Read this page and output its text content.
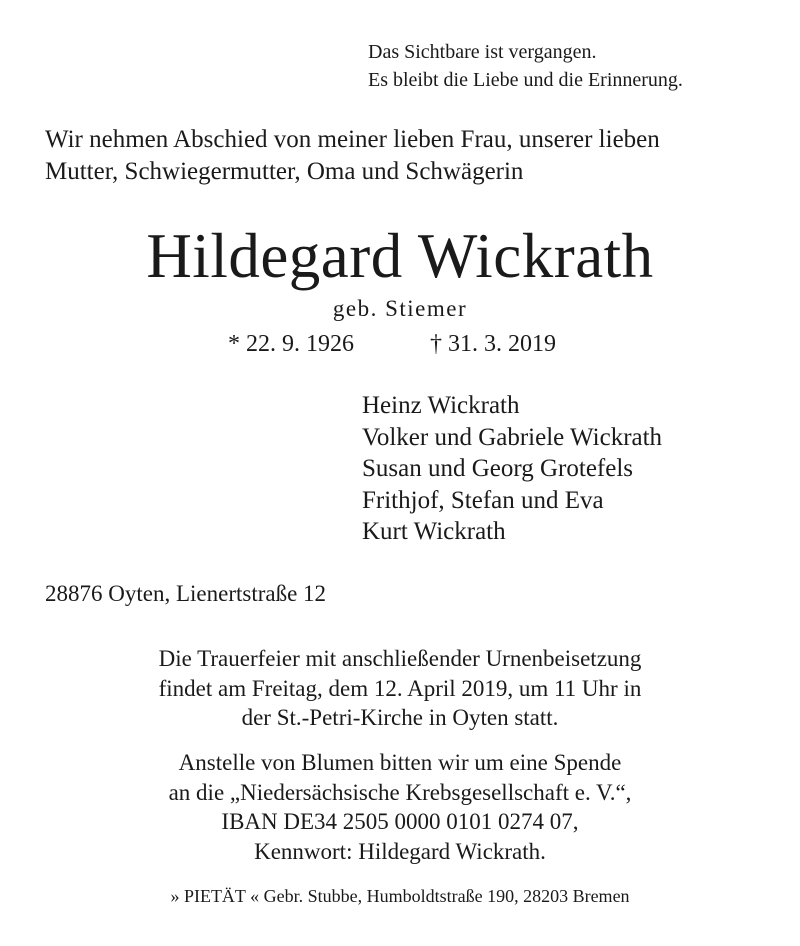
Das Sichtbare ist vergangen.
Es bleibt die Liebe und die Erinnerung.
Wir nehmen Abschied von meiner lieben Frau, unserer lieben
Mutter, Schwiegermutter, Oma und Schwägerin
Hildegard Wickrath
geb. Stiemer
* 22. 9. 1926	† 31. 3. 2019
Heinz Wickrath
Volker und Gabriele Wickrath
Susan und Georg Grotefels
Frithjof, Stefan und Eva
Kurt Wickrath
28876 Oyten, Lienertstraße 12
Die Trauerfeier mit anschließender Urnenbeisetzung
findet am Freitag, dem 12. April 2019, um 11 Uhr in
der St.-Petri-Kirche in Oyten statt.
Anstelle von Blumen bitten wir um eine Spende
an die „Niedersächsische Krebsgesellschaft e. V.“,
IBAN DE34 2505 0000 0101 0274 07,
Kennwort: Hildegard Wickrath.
» PIETÄT « Gebr. Stubbe, Humboldtstraße 190, 28203 Bremen
